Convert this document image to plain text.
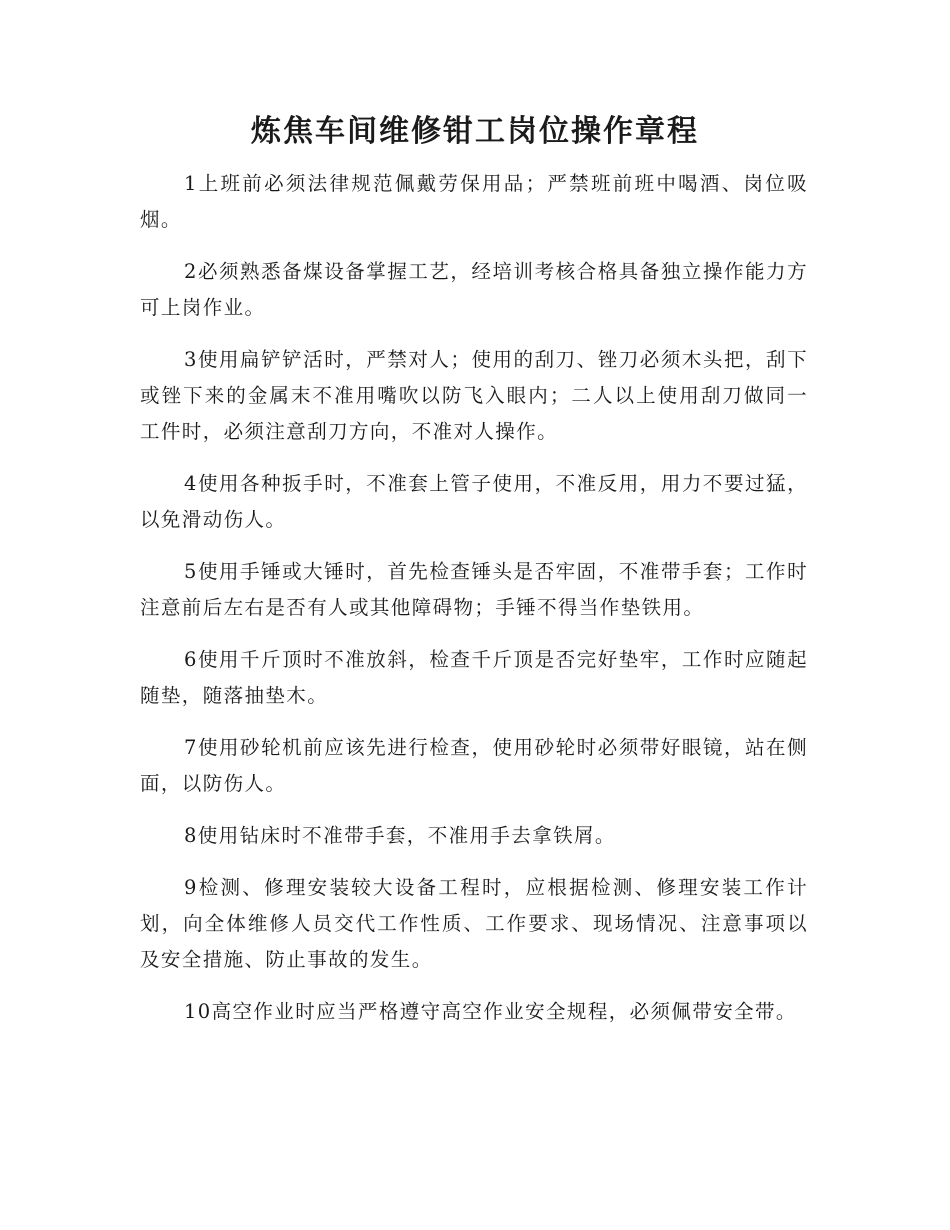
炼焦车间维修钳工岗位操作章程

1上班前必须法律规范佩戴劳保用品；严禁班前班中喝酒、岗位吸烟。

2必须熟悉备煤设备掌握工艺，经培训考核合格具备独立操作能力方可上岗作业。

3使用扁铲铲活时，严禁对人；使用的刮刀、锉刀必须木头把，刮下或锉下来的金属末不准用嘴吹以防飞入眼内；二人以上使用刮刀做同一工件时，必须注意刮刀方向，不准对人操作。

4使用各种扳手时，不准套上管子使用，不准反用，用力不要过猛，以免滑动伤人。

5使用手锤或大锤时，首先检查锤头是否牢固，不准带手套；工作时注意前后左右是否有人或其他障碍物；手锤不得当作垫铁用。

6使用千斤顶时不准放斜，检查千斤顶是否完好垫牢，工作时应随起随垫，随落抽垫木。

7使用砂轮机前应该先进行检查，使用砂轮时必须带好眼镜，站在侧面，以防伤人。

8使用钻床时不准带手套，不准用手去拿铁屑。

9检测、修理安装较大设备工程时，应根据检测、修理安装工作计划，向全体维修人员交代工作性质、工作要求、现场情况、注意事项以及安全措施、防止事故的发生。

10高空作业时应当严格遵守高空作业安全规程，必须佩带安全带。
